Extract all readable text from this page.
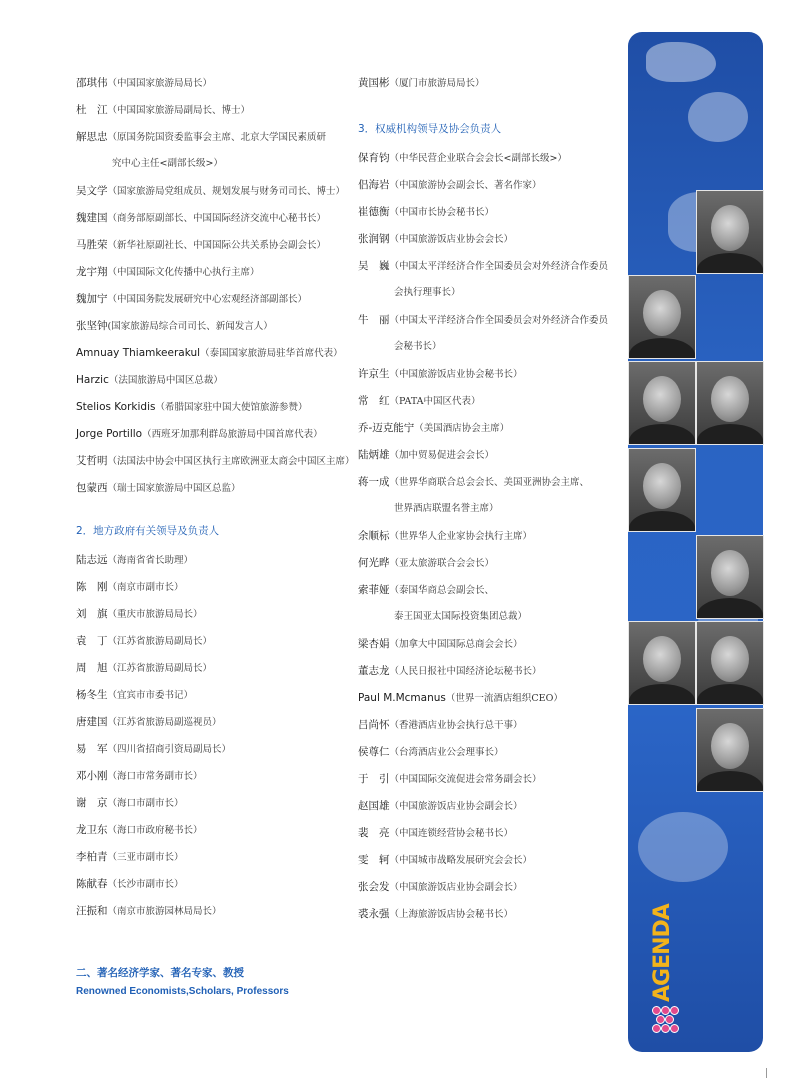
邵琪伟（中国国家旅游局局长）
杜　江（中国国家旅游局副局长、博士）
解思忠（原国务院国资委监事会主席、北京大学国民素质研
究中心主任<副部长级>）
吴文学（国家旅游局党组成员、规划发展与财务司司长、博士）
魏建国（商务部原副部长、中国国际经济交流中心秘书长）
马胜荣（新华社原副社长、中国国际公共关系协会副会长）
龙宇翔（中国国际文化传播中心执行主席）
魏加宁（中国国务院发展研究中心宏观经济部副部长）
张坚钟(国家旅游局综合司司长、新闻发言人）
Amnuay Thiamkeerakul（泰国国家旅游局驻华首席代表）
Harzic（法国旅游局中国区总裁）
Stelios Korkidis（希腊国家驻中国大使馆旅游参赞）
Jorge Portillo（西班牙加那利群岛旅游局中国首席代表）
艾哲明（法国法中协会中国区执行主席欧洲亚太商会中国区主席）
包蒙西（瑞士国家旅游局中国区总监）
2．地方政府有关领导及负责人
陆志远（海南省省长助理）
陈　刚（南京市副市长）
刘　旗（重庆市旅游局局长）
袁　丁（江苏省旅游局副局长）
周　旭（江苏省旅游局副局长）
杨冬生（宜宾市市委书记）
唐建国（江苏省旅游局副巡视员）
易　军（四川省招商引资局副局长）
邓小刚（海口市常务副市长）
谢　京（海口市副市长）
龙卫东（海口市政府秘书长）
李柏青（三亚市副市长）
陈献春（长沙市副市长）
汪振和（南京市旅游园林局局长）
黄国彬（厦门市旅游局局长）
3．权威机构领导及协会负责人
保育钧（中华民营企业联合会会长<副部长级>）
侣海岩（中国旅游协会副会长、著名作家）
崔德衡（中国市长协会秘书长）
张润钢（中国旅游饭店业协会会长）
吴　巍（中国太平洋经济合作全国委员会对外经济合作委员
会执行理事长）
牛　丽（中国太平洋经济合作全国委员会对外经济合作委员
会秘书长）
许京生（中国旅游饭店业协会秘书长）
常　红（PATA中国区代表）
乔-迈克能宁（美国酒店协会主席）
陆炳雄（加中贸易促进会会长）
蒋一成（世界华商联合总会会长、美国亚洲协会主席、
世界酒店联盟名誉主席）
余顺标（世界华人企业家协会执行主席）
何光晔（亚太旅游联合会会长）
索菲娅（泰国华商总会副会长、
泰王国亚太国际投资集团总裁）
梁杏娟（加拿大中国国际总商会会长）
董志龙（人民日报社中国经济论坛秘书长）
Paul M.Mcmanus（世界一流酒店组织CEO）
吕尚怀（香港酒店业协会执行总干事）
侯尊仁（台湾酒店业公会理事长）
于　引（中国国际交流促进会常务副会长）
赵国雄（中国旅游饭店业协会副会长）
裴　亮（中国连锁经营协会秘书长）
雯　轲（中国城市战略发展研究会会长）
张会发（中国旅游饭店业协会副会长）
裘永强（上海旅游饭店协会秘书长）
二、著名经济学家、著名专家、教授
Renowned Economists,Scholars, Professors	AGENDA
